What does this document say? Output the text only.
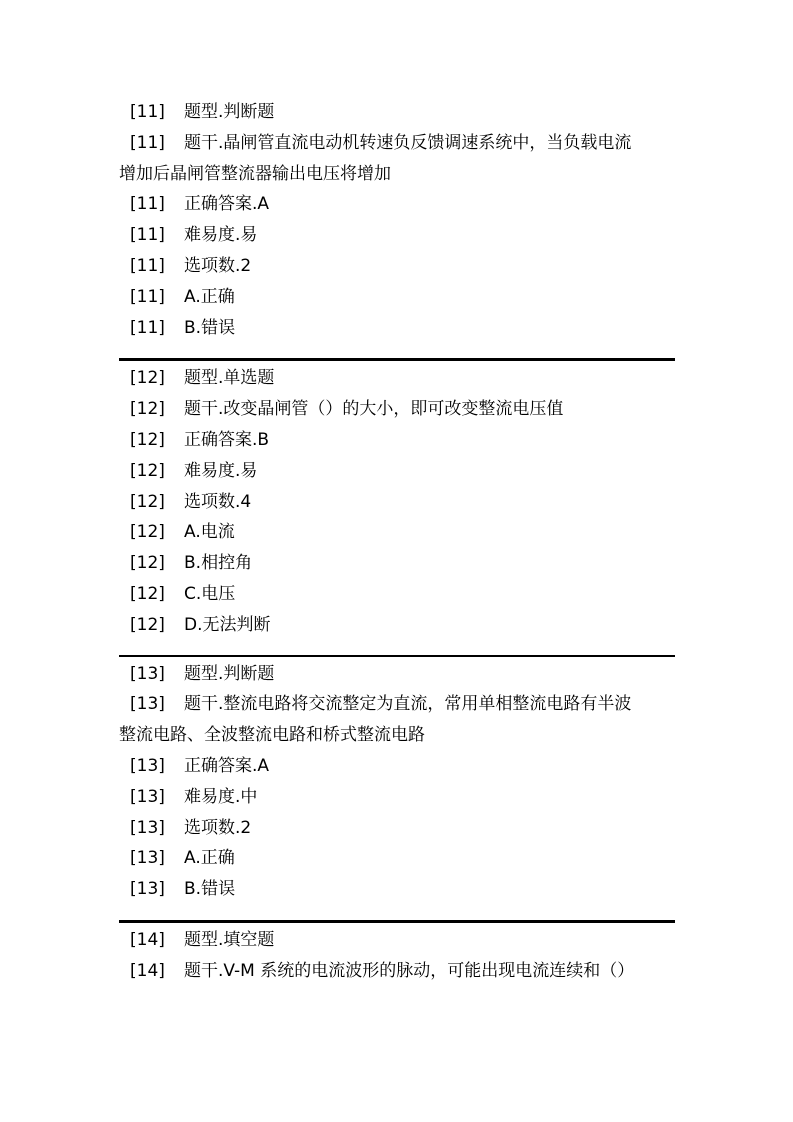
[11] 题型.判断题
[11] 题干.晶闸管直流电动机转速负反馈调速系统中，当负载电流
增加后晶闸管整流器输出电压将增加
[11] 正确答案.A
[11] 难易度.易
[11] 选项数.2
[11] A.正确
[11] B.错误
[12] 题型.单选题
[12] 题干.改变晶闸管（）的大小，即可改变整流电压值
[12] 正确答案.B
[12] 难易度.易
[12] 选项数.4
[12] A.电流
[12] B.相控角
[12] C.电压
[12] D.无法判断
[13] 题型.判断题
[13] 题干.整流电路将交流整定为直流，常用单相整流电路有半波
整流电路、全波整流电路和桥式整流电路
[13] 正确答案.A
[13] 难易度.中
[13] 选项数.2
[13] A.正确
[13] B.错误
[14] 题型.填空题
[14] 题干.V-M 系统的电流波形的脉动，可能出现电流连续和（）
